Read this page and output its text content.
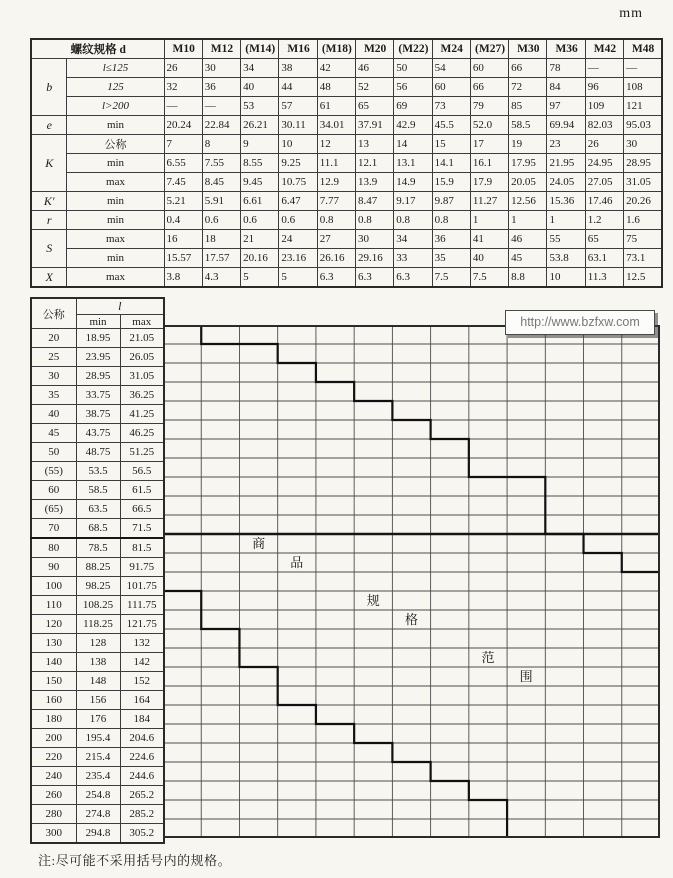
mm
螺纹规格 d		M10	M12	(M14)	M16	(M18)	M20	(M22)	M24	(M27)	M30	M36	M42	M48
b	l≤125	26	30	34	38	42	46	50	54	60	66	78	—	—
	125	32	36	40	44	48	52	56	60	66	72	84	96	108
	l>200	—	—	53	57	61	65	69	73	79	85	97	109	121
e	min	20.24	22.84	26.21	30.11	34.01	37.91	42.9	45.5	52.0	58.5	69.94	82.03	95.03
K	公称	7	8	9	10	12	13	14	15	17	19	23	26	30
	min	6.55	7.55	8.55	9.25	11.1	12.1	13.1	14.1	16.1	17.95	21.95	24.95	28.95
	max	7.45	8.45	9.45	10.75	12.9	13.9	14.9	15.9	17.9	20.05	24.05	27.05	31.05
K′	min	5.21	5.91	6.61	6.47	7.77	8.47	9.17	9.87	11.27	12.56	15.36	17.46	20.26
r	min	0.4	0.6	0.6	0.6	0.8	0.8	0.8	0.8	1	1	1	1.2	1.6
S	max	16	18	21	24	27	30	34	36	41	46	55	65	75
	min	15.57	17.57	20.16	23.16	26.16	29.16	33	35	40	45	53.8	63.1	73.1
X	max	3.8	4.3	5	5	6.3	6.3	6.3	7.5	7.5	8.8	10	11.3	12.5
公称	l	
	min	max
20	18.95	21.05
25	23.95	26.05
30	28.95	31.05
35	33.75	36.25
40	38.75	41.25
45	43.75	46.25
50	48.75	51.25
(55)	53.5	56.5
60	58.5	61.5
(65)	63.5	66.5
70	68.5	71.5
80	78.5	81.5
90	88.25	91.75
100	98.25	101.75
110	108.25	111.75
120	118.25	121.75
130	128	132
140	138	142
150	148	152
160	156	164
180	176	184
200	195.4	204.6
220	215.4	224.6
240	235.4	244.6
260	254.8	265.2
280	274.8	285.2
300	294.8	305.2
商
品
规
格
范
围
http://www.bzfxw.com
注:尽可能不采用括号内的规格。
